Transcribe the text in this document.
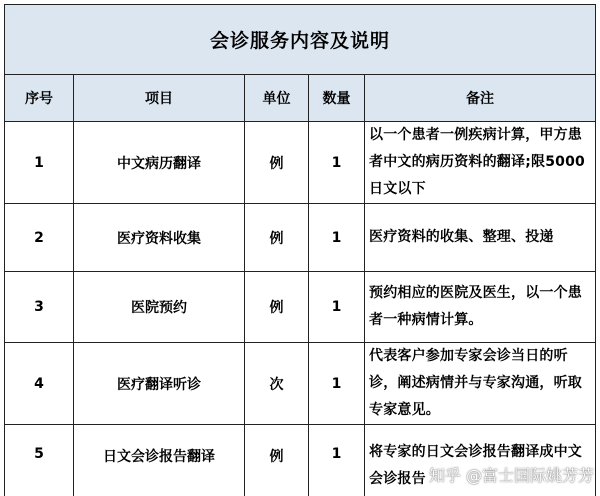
会诊服务内容及说明				
序号	项目	单位	数量	备注
1	中文病历翻译	例	1	以一个患者一例疾病计算，甲方患者中文的病历资料的翻译;限5000日文以下
2	医疗资料收集	例	1	医疗资料的收集、整理、投递
3	医院预约	例	1	预约相应的医院及医生，以一个患者一种病情计算。
4	医疗翻译听诊	次	1	代表客户参加专家会诊当日的听诊，阐述病情并与专家沟通，听取专家意见。

5	日文会诊报告翻译	例	1	将专家的日文会诊报告翻译成中文会诊报告 知乎 @富士国际姚芳芳
